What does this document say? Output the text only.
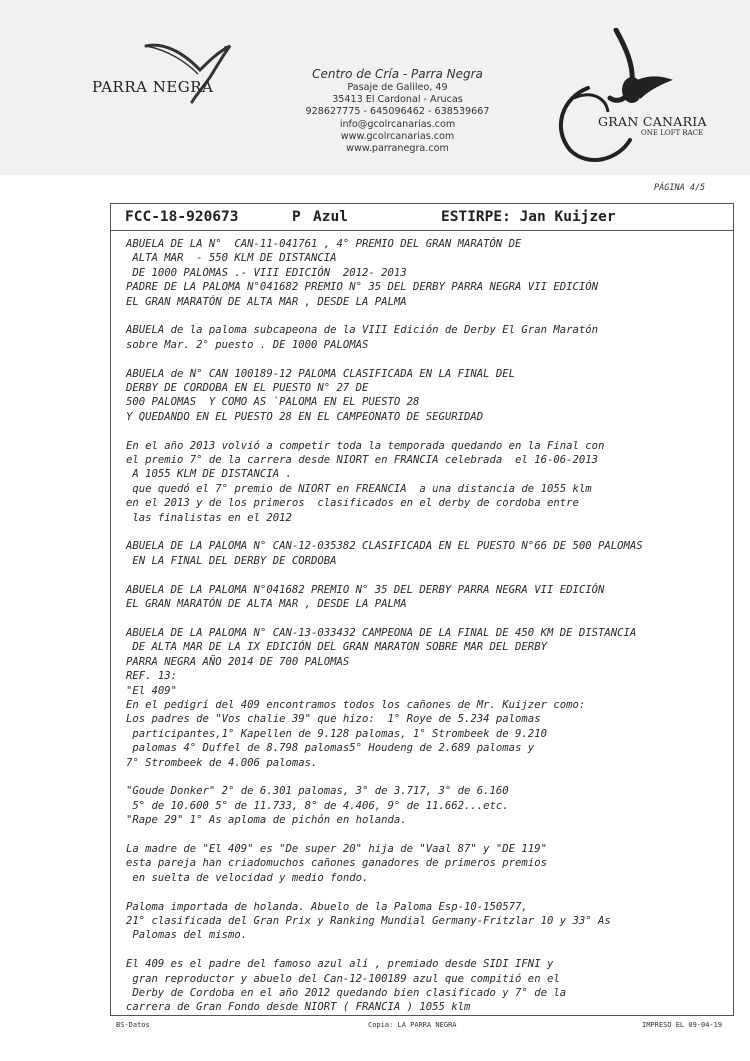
PARRA NEGRA
Centro de Cría - Parra Negra
Pasaje de Galileo, 49
35413 El Cardonal - Arucas
928627775 - 645096462 - 638539667
info@gcolrcanarias.com
www.gcolrcanarias.com
www.parranegra.com
GRAN CANARIA
ONE LOFT RACE
PÁGINA 4/5
FCC-18-920673	P Azul	ESTIRPE: Jan Kuijzer

ABUELA DE LA N°  CAN-11-041761 , 4° PREMIO DEL GRAN MARATÓN DE
ALTA MAR  - 550 KLM DE DISTANCIA
DE 1000 PALOMAS .- VIII EDICIÓN  2012- 2013
PADRE DE LA PALOMA N°041682 PREMIO N° 35 DEL DERBY PARRA NEGRA VII EDICIÓN
EL GRAN MARATÓN DE ALTA MAR , DESDE LA PALMA

ABUELA de la paloma subcapeona de la VIII Edición de Derby El Gran Maratón
sobre Mar. 2° puesto . DE 1000 PALOMAS

ABUELA de N° CAN 100189-12 PALOMA CLASIFICADA EN LA FINAL DEL
DERBY DE CORDOBA EN EL PUESTO N° 27 DE
500 PALOMAS  Y COMO AS `PALOMA EN EL PUESTO 28
Y QUEDANDO EN EL PUESTO 28 EN EL CAMPEONATO DE SEGURIDAD

En el año 2013 volvió a competir toda la temporada quedando en la Final con
el premio 7° de la carrera desde NIORT en FRANCIA celebrada  el 16-06-2013
A 1055 KLM DE DISTANCIA .
que quedó el 7° premio de NIORT en FREANCIA  a una distancia de 1055 klm
en el 2013 y de los primeros  clasificados en el derby de cordoba entre
las finalistas en el 2012

ABUELA DE LA PALOMA N° CAN-12-035382 CLASIFICADA EN EL PUESTO N°66 DE 500 PALOMAS
EN LA FINAL DEL DERBY DE CORDOBA

ABUELA DE LA PALOMA N°041682 PREMIO N° 35 DEL DERBY PARRA NEGRA VII EDICIÓN
EL GRAN MARATÓN DE ALTA MAR , DESDE LA PALMA

ABUELA DE LA PALOMA N° CAN-13-033432 CAMPEONA DE LA FINAL DE 450 KM DE DISTANCIA
DE ALTA MAR DE LA IX EDICIÓN DEL GRAN MARATON SOBRE MAR DEL DERBY
PARRA NEGRA AÑO 2014 DE 700 PALOMAS
REF. 13:
"El 409"
En el pedigrí del 409 encontramos todos los cañones de Mr. Kuijzer como:
Los padres de "Vos chalie 39" que hizo:  1° Roye de 5.234 palomas
participantes,1° Kapellen de 9.128 palomas, 1° Strombeek de 9.210
palomas 4° Duffel de 8.798 palomas5° Houdeng de 2.689 palomas y
7° Strombeek de 4.006 palomas.

"Goude Donker" 2° de 6.301 palomas, 3° de 3.717, 3° de 6.160
5° de 10.600 5° de 11.733, 8° de 4.406, 9° de 11.662...etc.
"Rape 29" 1° As aploma de pichón en holanda.

La madre de "El 409" es "De super 20" hija de "Vaal 87" y "DE 119"
esta pareja han criadomuchos cañones ganadores de primeros premios
en suelta de velocidad y medio fondo.

Paloma importada de holanda. Abuelo de la Paloma Esp-10-150577,
21° clasificada del Gran Prix y Ranking Mundial Germany-Fritzlar 10 y 33° As
Palomas del mismo.

El 409 es el padre del famoso azul alí , premiado desde SIDI IFNI y
gran reproductor y abuelo del Can-12-100189 azul que compitió en el
Derby de Cordoba en el año 2012 quedando bien clasificado y 7° de la
carrera de Gran Fondo desde NIORT ( FRANCIA ) 1055 klm

BS-Datos	Copia: LA PARRA NEGRA	IMPRESO EL 09-04-19
